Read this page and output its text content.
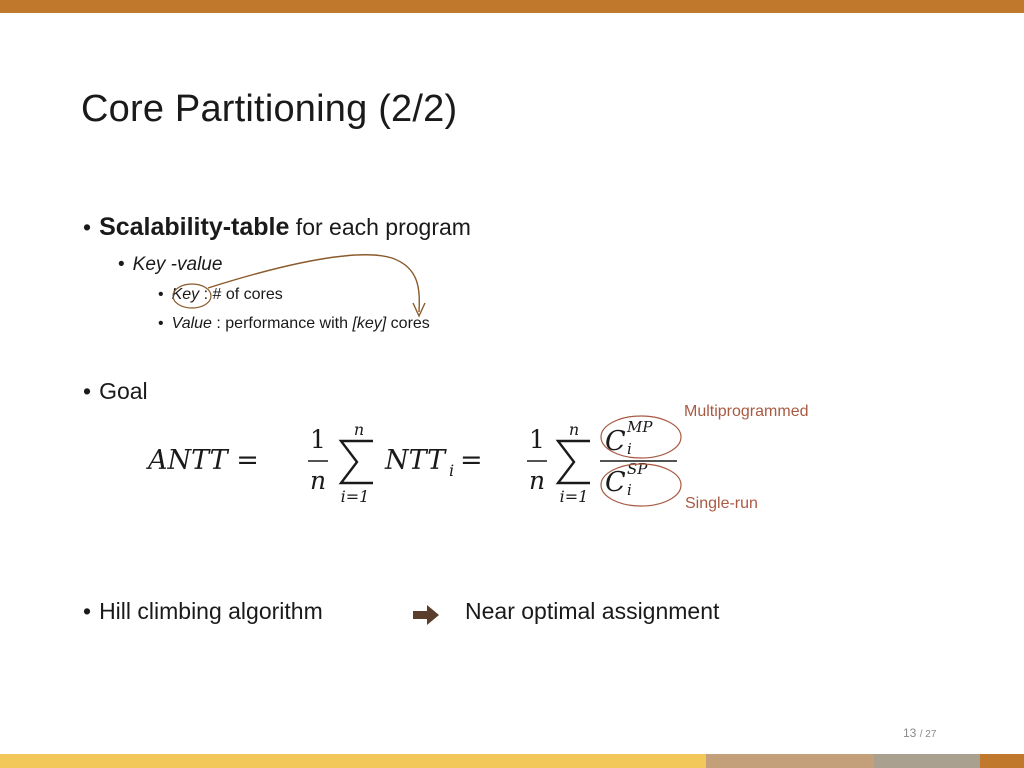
Core Partitioning (2/2)
• Scalability-table for each program
• Key -value
• Key : # of cores
• Value : performance with [key] cores
• Goal
Multiprogrammed
Single-run
ANTT =
1
n
n
i=1
NTT i =
1
n
n
i=1
C MP
i
C SP
i
• Hill climbing algorithm	Near optimal assignment
13 / 27
